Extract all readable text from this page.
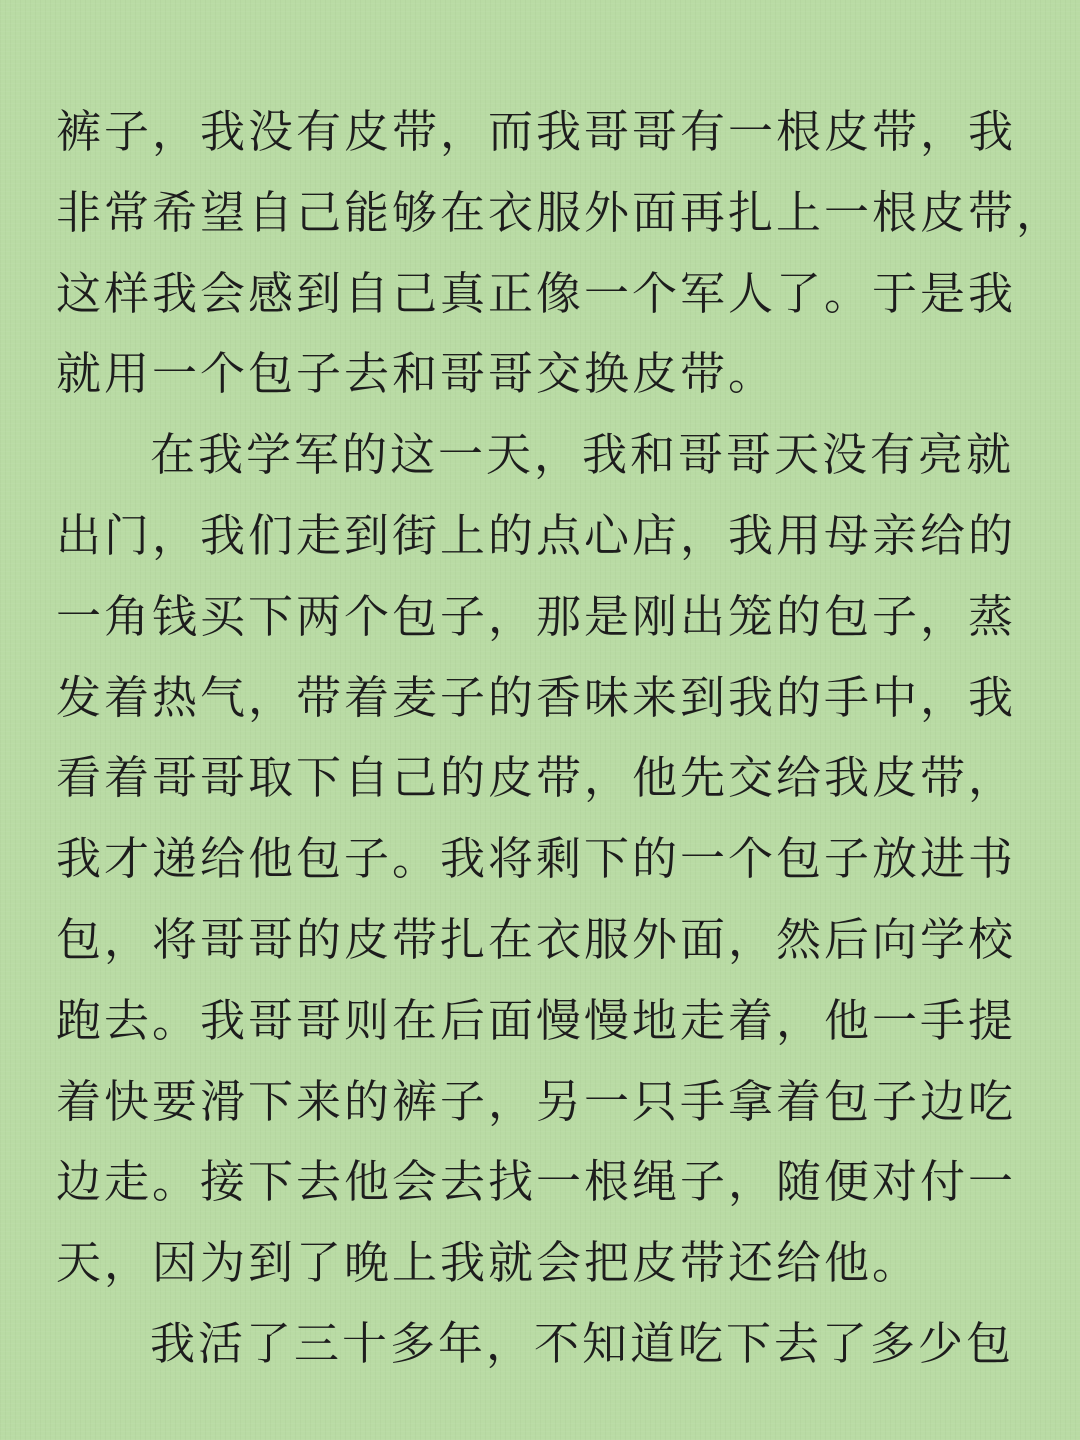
裤子，我没有皮带，而我哥哥有一根皮带，我
非常希望自己能够在衣服外面再扎上一根皮带，
这样我会感到自己真正像一个军人了。于是我
就用一个包子去和哥哥交换皮带。
在我学军的这一天，我和哥哥天没有亮就
出门，我们走到街上的点心店，我用母亲给的
一角钱买下两个包子，那是刚出笼的包子，蒸
发着热气，带着麦子的香味来到我的手中，我
看着哥哥取下自己的皮带，他先交给我皮带，
我才递给他包子。我将剩下的一个包子放进书
包，将哥哥的皮带扎在衣服外面，然后向学校
跑去。我哥哥则在后面慢慢地走着，他一手提
着快要滑下来的裤子，另一只手拿着包子边吃
边走。接下去他会去找一根绳子，随便对付一
天，因为到了晚上我就会把皮带还给他。
我活了三十多年，不知道吃下去了多少包
